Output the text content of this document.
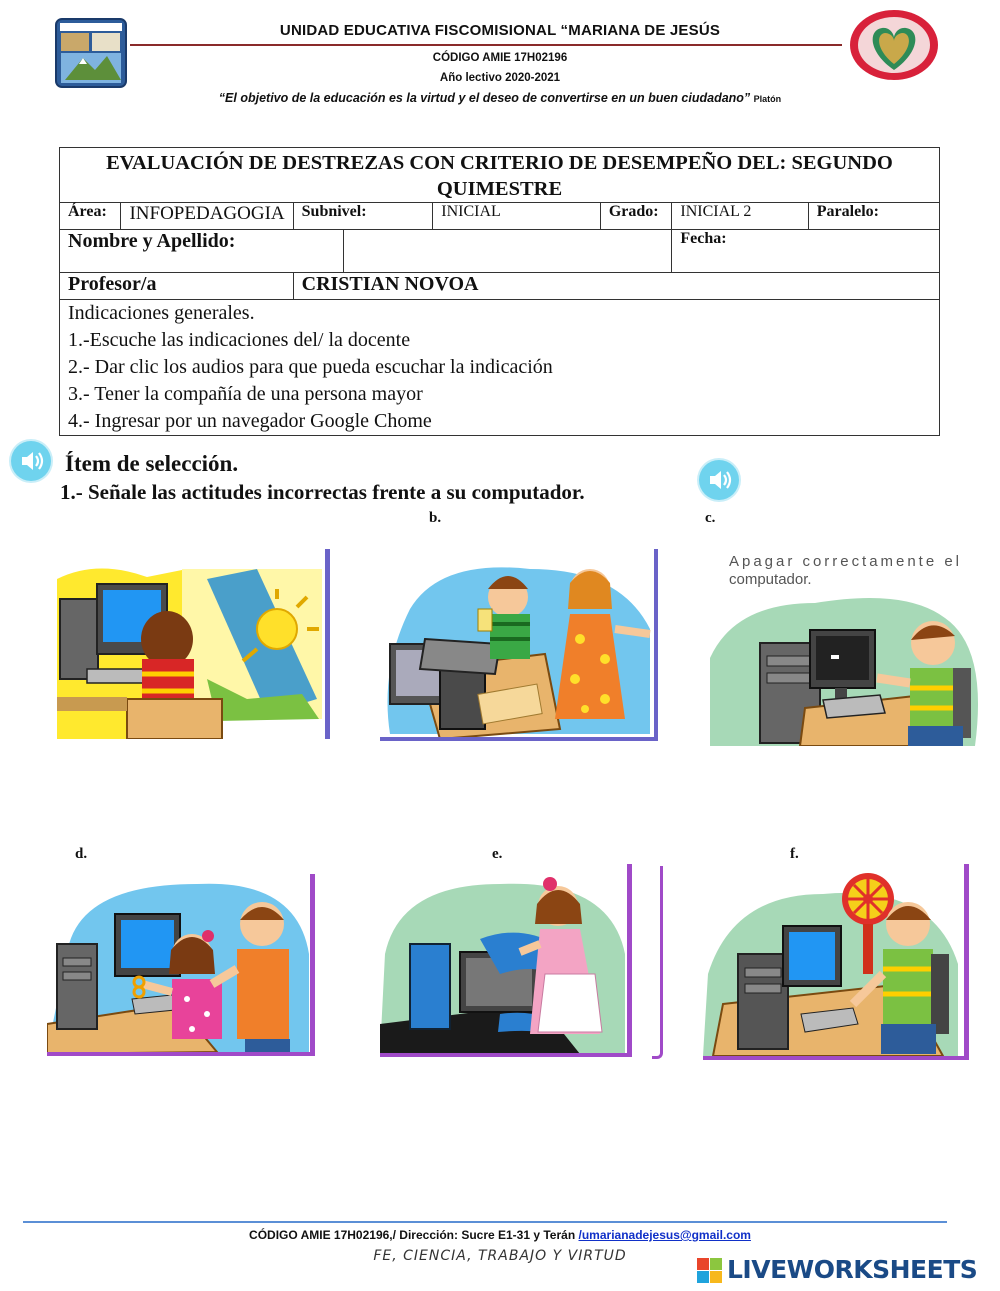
UNIDAD EDUCATIVA FISCOMISIONAL “MARIANA DE JESÚS
CÓDIGO AMIE 17H02196
Año lectivo 2020-2021
“El objetivo de la educación es la virtud y el deseo de convertirse en un buen ciudadano” Platón
EVALUACIÓN DE DESTREZAS CON CRITERIO DE DESEMPEÑO DEL: SEGUNDO QUIMESTRE							
Área:	INFOPEDAGOGIA	Subnivel:		INICIAL	Grado:	INICIAL 2	Paralelo:
Nombre y Apellido:						Fecha:	
Profesor/a		CRISTIAN NOVOA					

Indicaciones generales.
1.-Escuche las indicaciones del/ la docente
2.- Dar clic los audios para que pueda escuchar la indicación
3.- Tener la compañía de una persona mayor
4.- Ingresar por un navegador Google Chome							
Ítem de selección.
1.- Señale las actitudes incorrectas frente a su computador.
b.	c.
d.	e.	f.
Apagar correctamente el
computador.
CÓDIGO AMIE 17H02196,/ Dirección: Sucre E1-31 y Terán /umarianadejesus@gmail.com
FE, CIENCIA, TRABAJO Y VIRTUD	LIVEWORKSHEETS
